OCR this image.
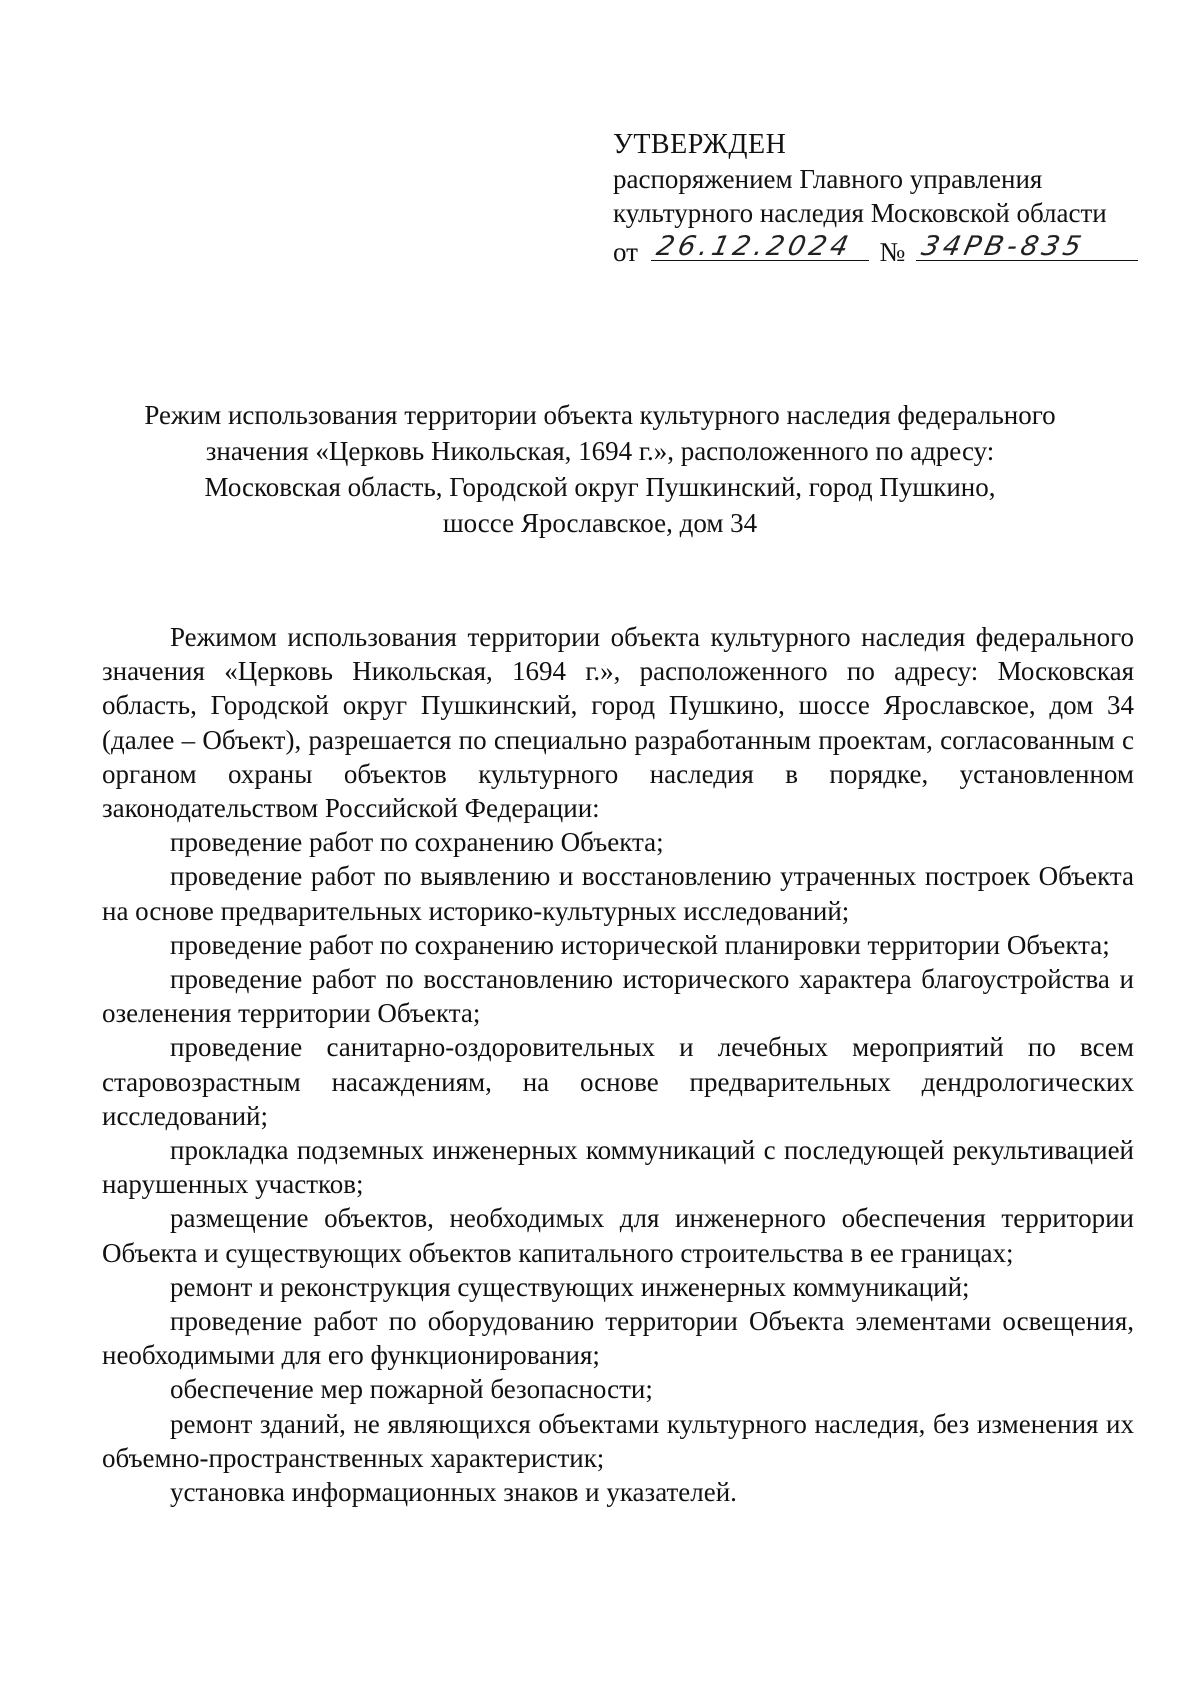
УТВЕРЖДЕН
распоряжением Главного управления
культурного наследия Московской области
от 26.12.2024 № 34РВ-835
Режим использования территории объекта культурного наследия федерального
значения «Церковь Никольская, 1694 г.», расположенного по адресу:
Московская область, Городской округ Пушкинский, город Пушкино,
шоссе Ярославское, дом 34

Режимом использования территории объекта культурного наследия федерального значения «Церковь Никольская, 1694 г.», расположенного по адресу: Московская область, Городской округ Пушкинский, город Пушкино, шоссе Ярославское, дом 34 (далее – Объект), разрешается по специально разработанным проектам, согласованным с органом охраны объектов культурного наследия в порядке, установленном законодательством Российской Федерации:

проведение работ по сохранению Объекта;

проведение работ по выявлению и восстановлению утраченных построек Объекта на основе предварительных историко-культурных исследований;

проведение работ по сохранению исторической планировки территории Объекта;

проведение работ по восстановлению исторического характера благоустройства и озеленения территории Объекта;

проведение санитарно-оздоровительных и лечебных мероприятий по всем старовозрастным насаждениям, на основе предварительных дендрологических исследований;

прокладка подземных инженерных коммуникаций с последующей рекультивацией нарушенных участков;

размещение объектов, необходимых для инженерного обеспечения территории Объекта и существующих объектов капитального строительства в ее границах;

ремонт и реконструкция существующих инженерных коммуникаций;

проведение работ по оборудованию территории Объекта элементами освещения, необходимыми для его функционирования;

обеспечение мер пожарной безопасности;

ремонт зданий, не являющихся объектами культурного наследия, без изменения их объемно-пространственных характеристик;

установка информационных знаков и указателей.
